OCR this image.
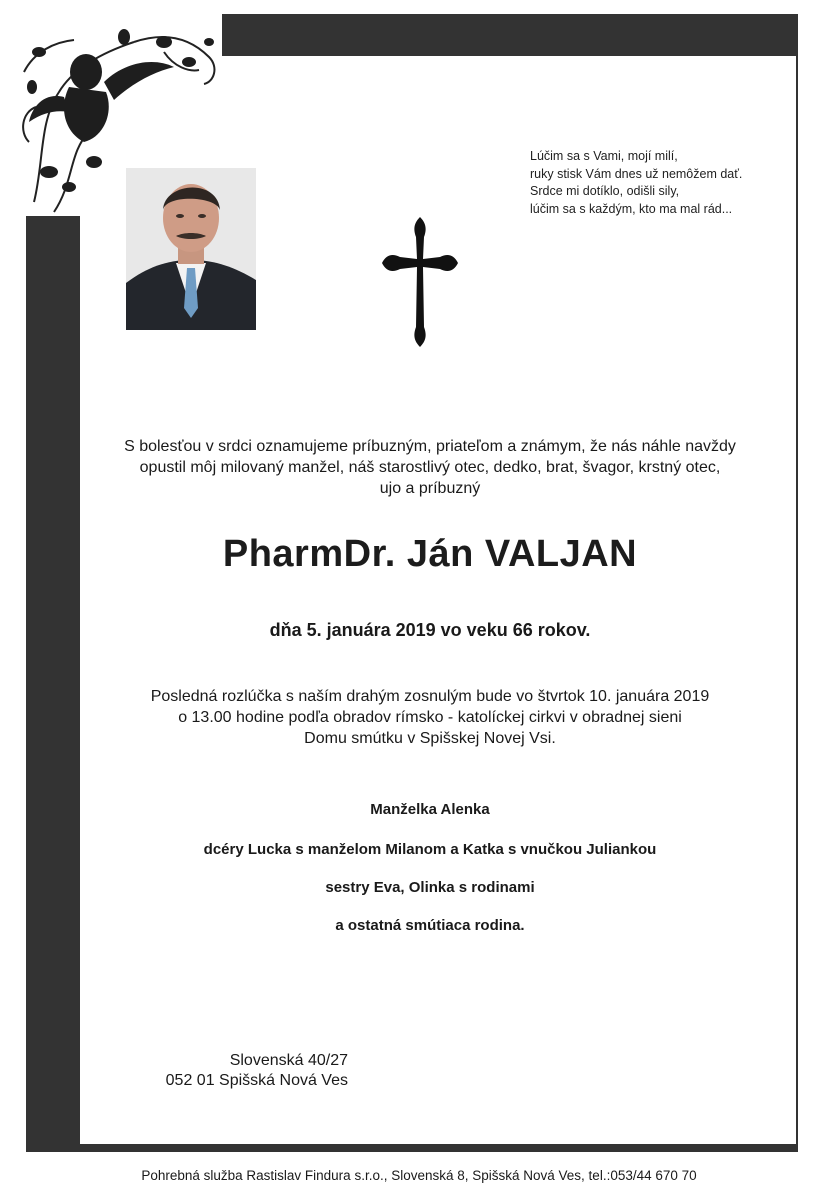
Lúčim sa s Vami, mojí milí,
ruky stisk Vám dnes už nemôžem dať.
Srdce mi dotíklo, odišli sily,
lúčim sa s každým, kto ma mal rád...
S bolesťou v srdci oznamujeme príbuzným, priateľom a známym, že nás náhle navždy
opustil môj milovaný manžel, náš starostlivý otec, dedko, brat, švagor, krstný otec,
ujo a príbuzný
PharmDr. Ján VALJAN
dňa 5. januára 2019 vo veku 66 rokov.
Posledná rozlúčka s naším drahým zosnulým bude vo štvrtok 10. januára 2019
o 13.00 hodine podľa obradov rímsko - katolíckej cirkvi v obradnej sieni
Domu smútku v Spišskej Novej Vsi.
Manželka Alenka
dcéry Lucka s manželom Milanom a Katka s vnučkou Juliankou
sestry Eva, Olinka s rodinami
a ostatná smútiaca rodina.
Slovenská 40/27
052 01 Spišská Nová Ves
Pohrebná služba Rastislav Findura s.r.o., Slovenská 8, Spišská Nová Ves, tel.:053/44 670 70
